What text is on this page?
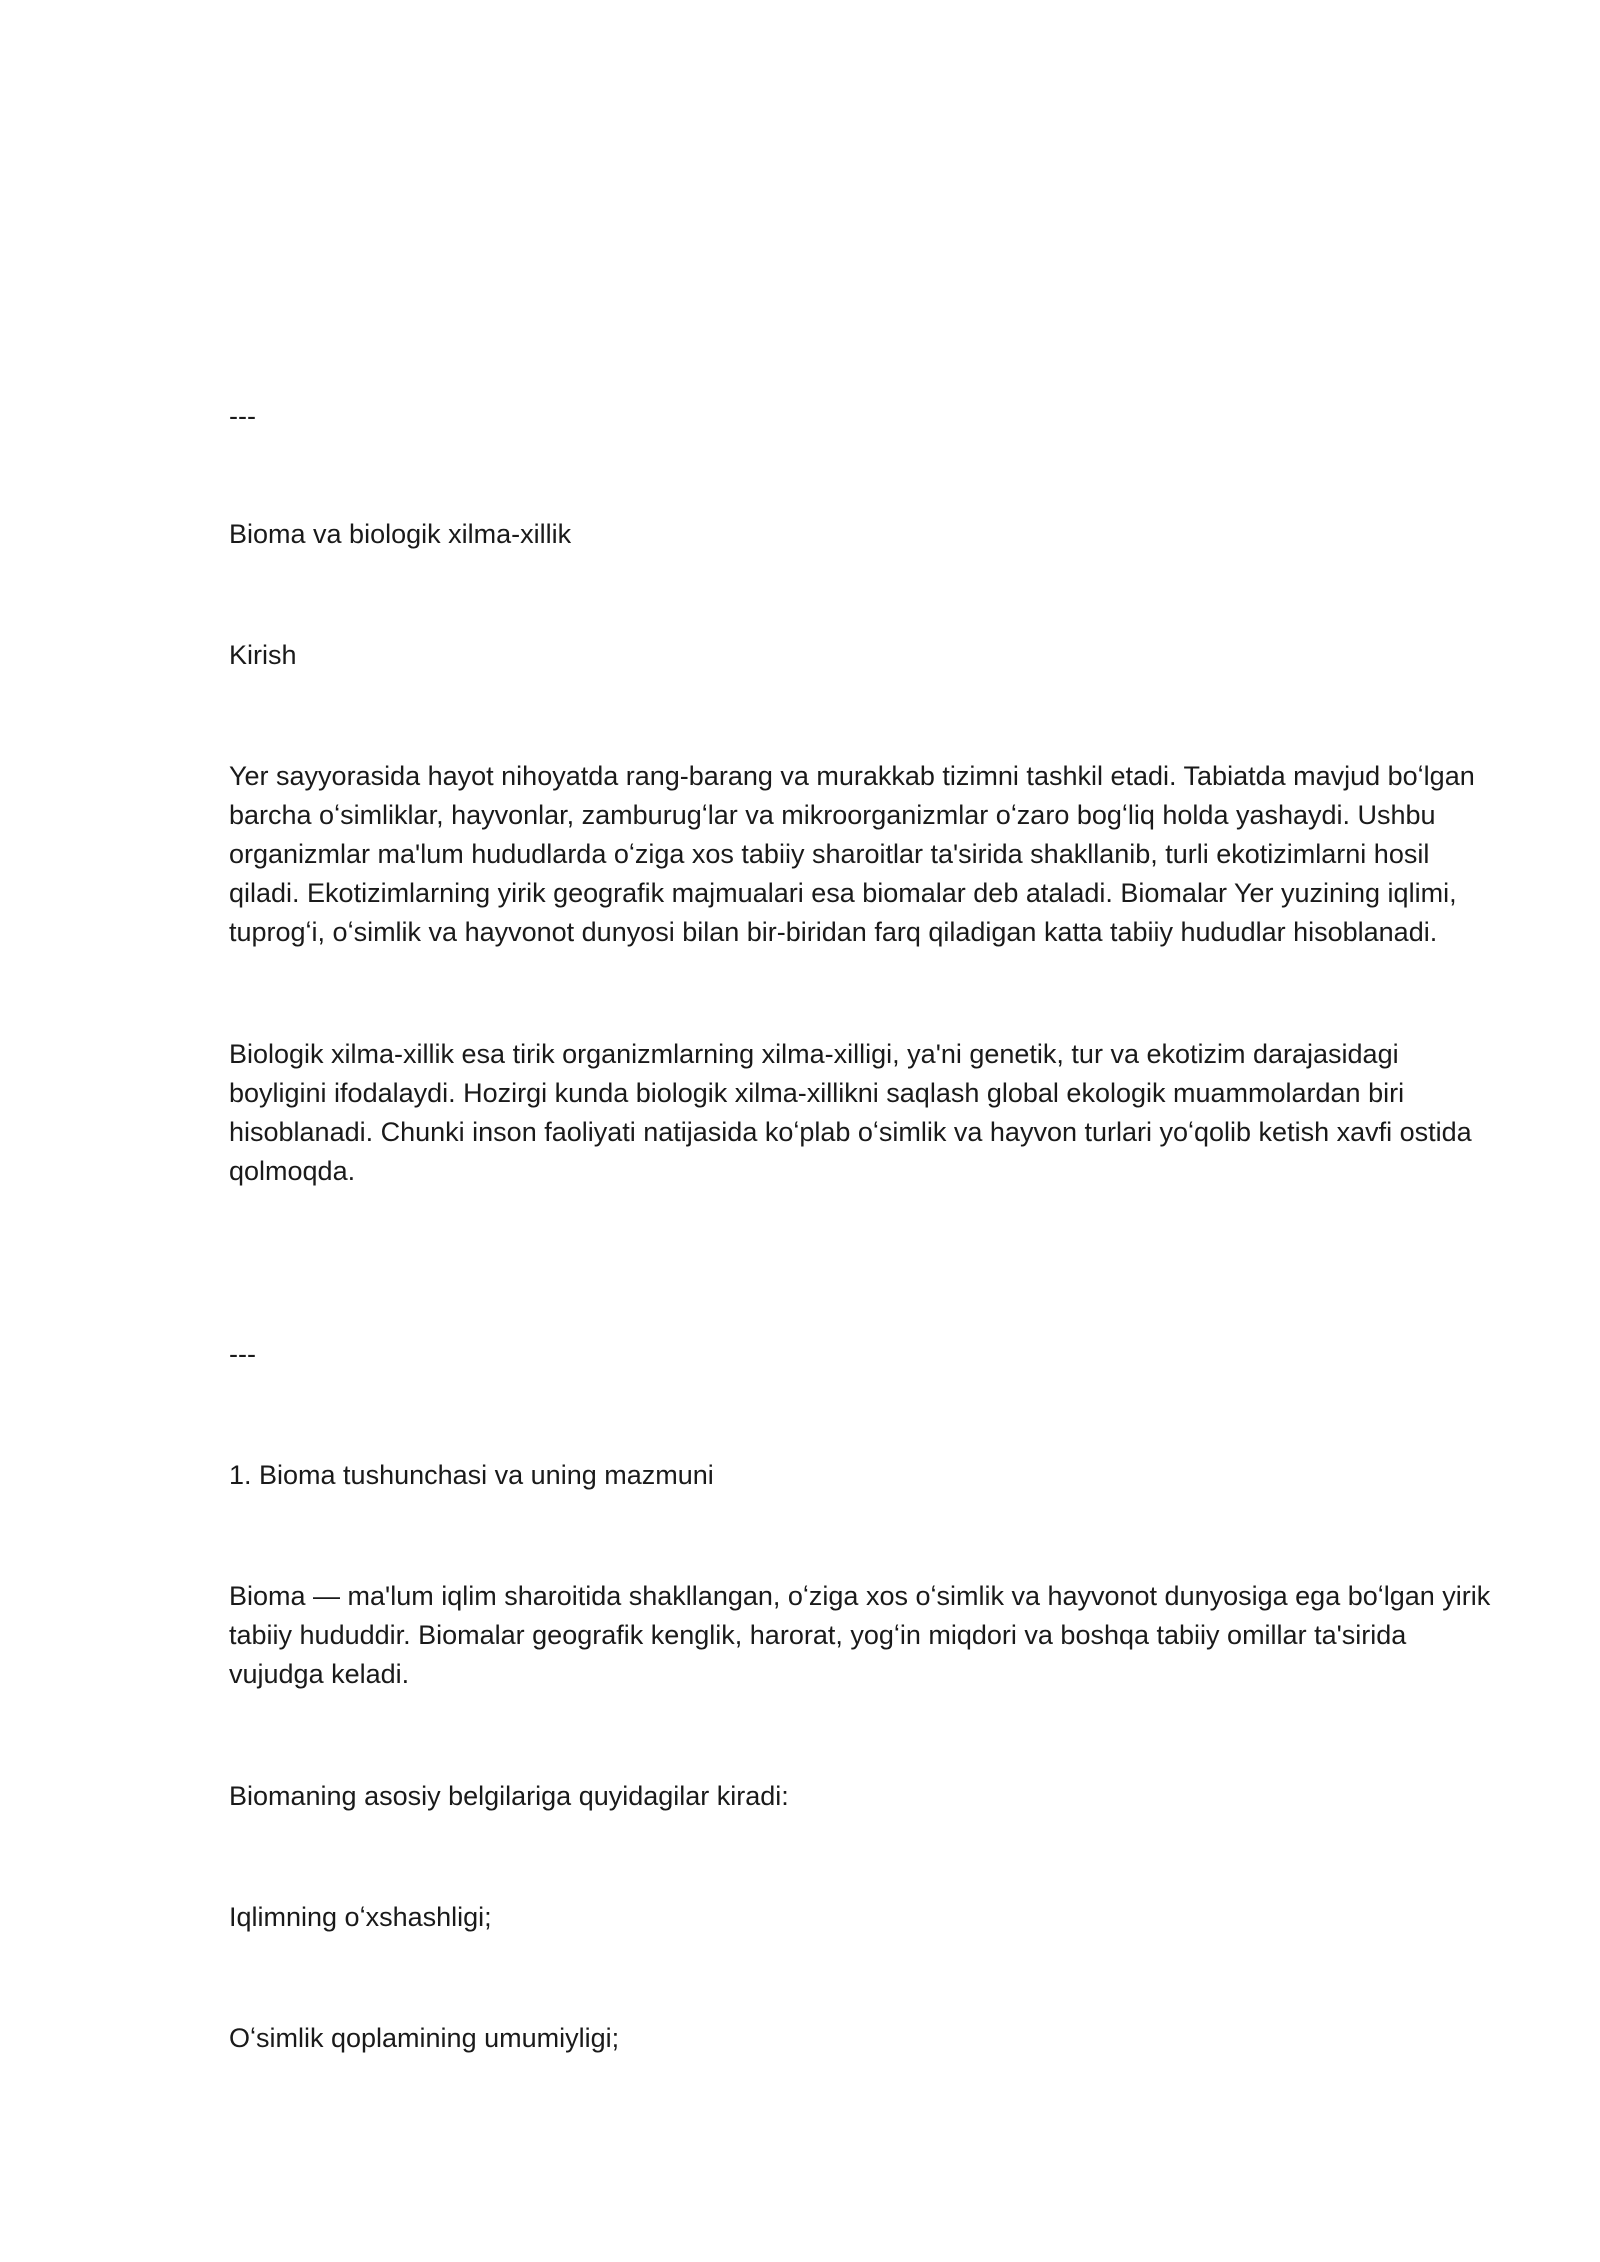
---

Bioma va biologik xilma-xillik

Kirish

Yer sayyorasida hayot nihoyatda rang-barang va murakkab tizimni tashkil etadi. Tabiatda mavjud boʻlgan barcha oʻsimliklar, hayvonlar, zamburugʻlar va mikroorganizmlar oʻzaro bogʻliq holda yashaydi. Ushbu organizmlar ma'lum hududlarda oʻziga xos tabiiy sharoitlar ta'sirida shakllanib, turli ekotizimlarni hosil qiladi. Ekotizimlarning yirik geografik majmualari esa biomalar deb ataladi. Biomalar Yer yuzining iqlimi, tuprogʻi, oʻsimlik va hayvonot dunyosi bilan bir-biridan farq qiladigan katta tabiiy hududlar hisoblanadi.

Biologik xilma-xillik esa tirik organizmlarning xilma-xilligi, ya'ni genetik, tur va ekotizim darajasidagi boyligini ifodalaydi. Hozirgi kunda biologik xilma-xillikni saqlash global ekologik muammolardan biri hisoblanadi. Chunki inson faoliyati natijasida koʻplab oʻsimlik va hayvon turlari yoʻqolib ketish xavfi ostida qolmoqda.

---

1. Bioma tushunchasi va uning mazmuni

Bioma — ma'lum iqlim sharoitida shakllangan, oʻziga xos oʻsimlik va hayvonot dunyosiga ega boʻlgan yirik tabiiy hududdir. Biomalar geografik kenglik, harorat, yogʻin miqdori va boshqa tabiiy omillar ta'sirida vujudga keladi.

Biomaning asosiy belgilariga quyidagilar kiradi:

Iqlimning oʻxshashligi;

Oʻsimlik qoplamining umumiyligi;
